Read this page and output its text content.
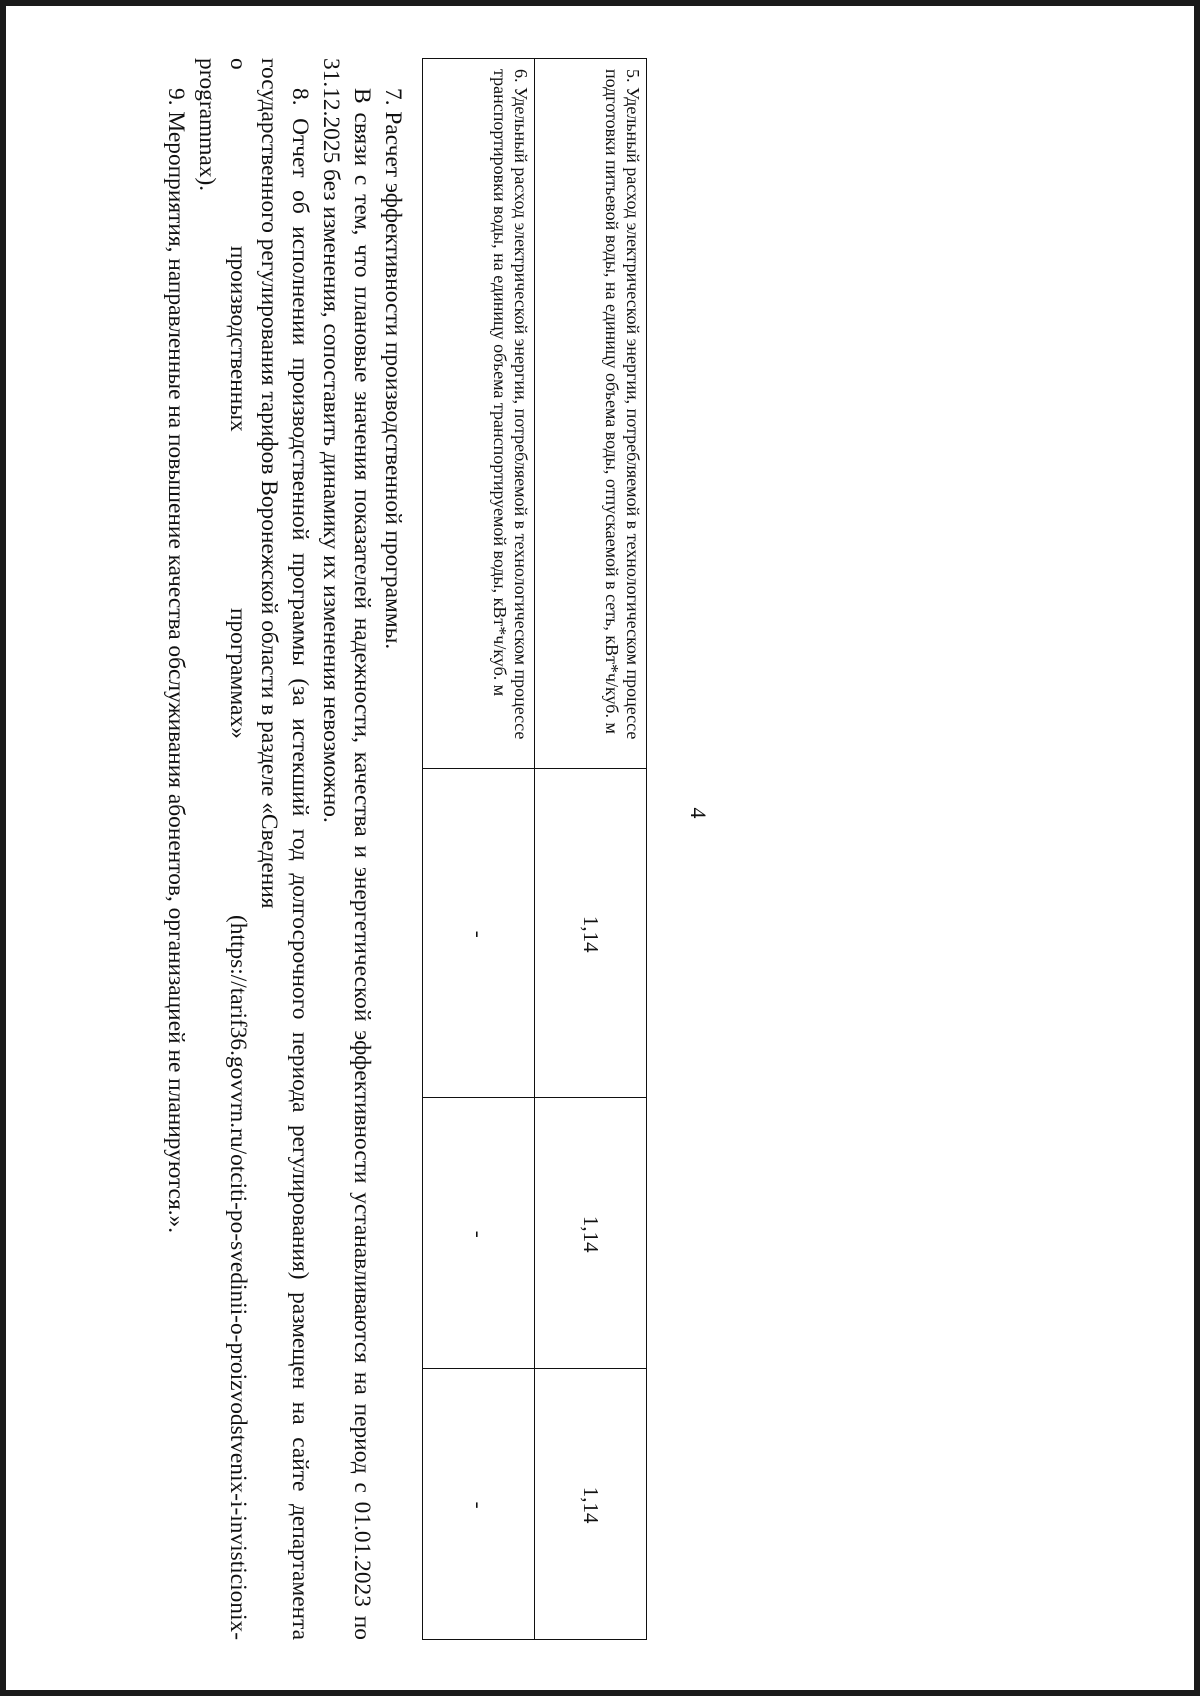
4
5. Удельный расход электрической энергии, потребляемой в технологическом процессе подготовки питьевой воды, на единицу объема воды, отпускаемой в сеть, кВт*ч/куб. м	1,14	1,14	1,14
6. Удельный расход электрической энергии, потребляемой в технологическом процессе транспортировки воды, на единицу объема транспортируемой воды, кВт*ч/куб. м	-	-	-

7. Расчет эффективности производственной программы.

В связи с тем, что плановые значения показателей надежности, качества и энергетической эффективности устанавливаются на период с 01.01.2023 по 31.12.2025 без изменения, сопоставить динамику их изменения невозможно.

8. Отчет об исполнении производственной программы (за истекший год долгосрочного периода регулирования) размещен на сайте департамента государственного регулирования тарифов Воронежской области в разделе «Сведения

о производственных программах» (https://tarif36.govvrn.ru/otciti-po-svedinii-o-proizvodstvenix-i-invisticionix-

programmax).

9. Мероприятия, направленные на повышение качества обслуживания абонентов, организацией не планируются.».
